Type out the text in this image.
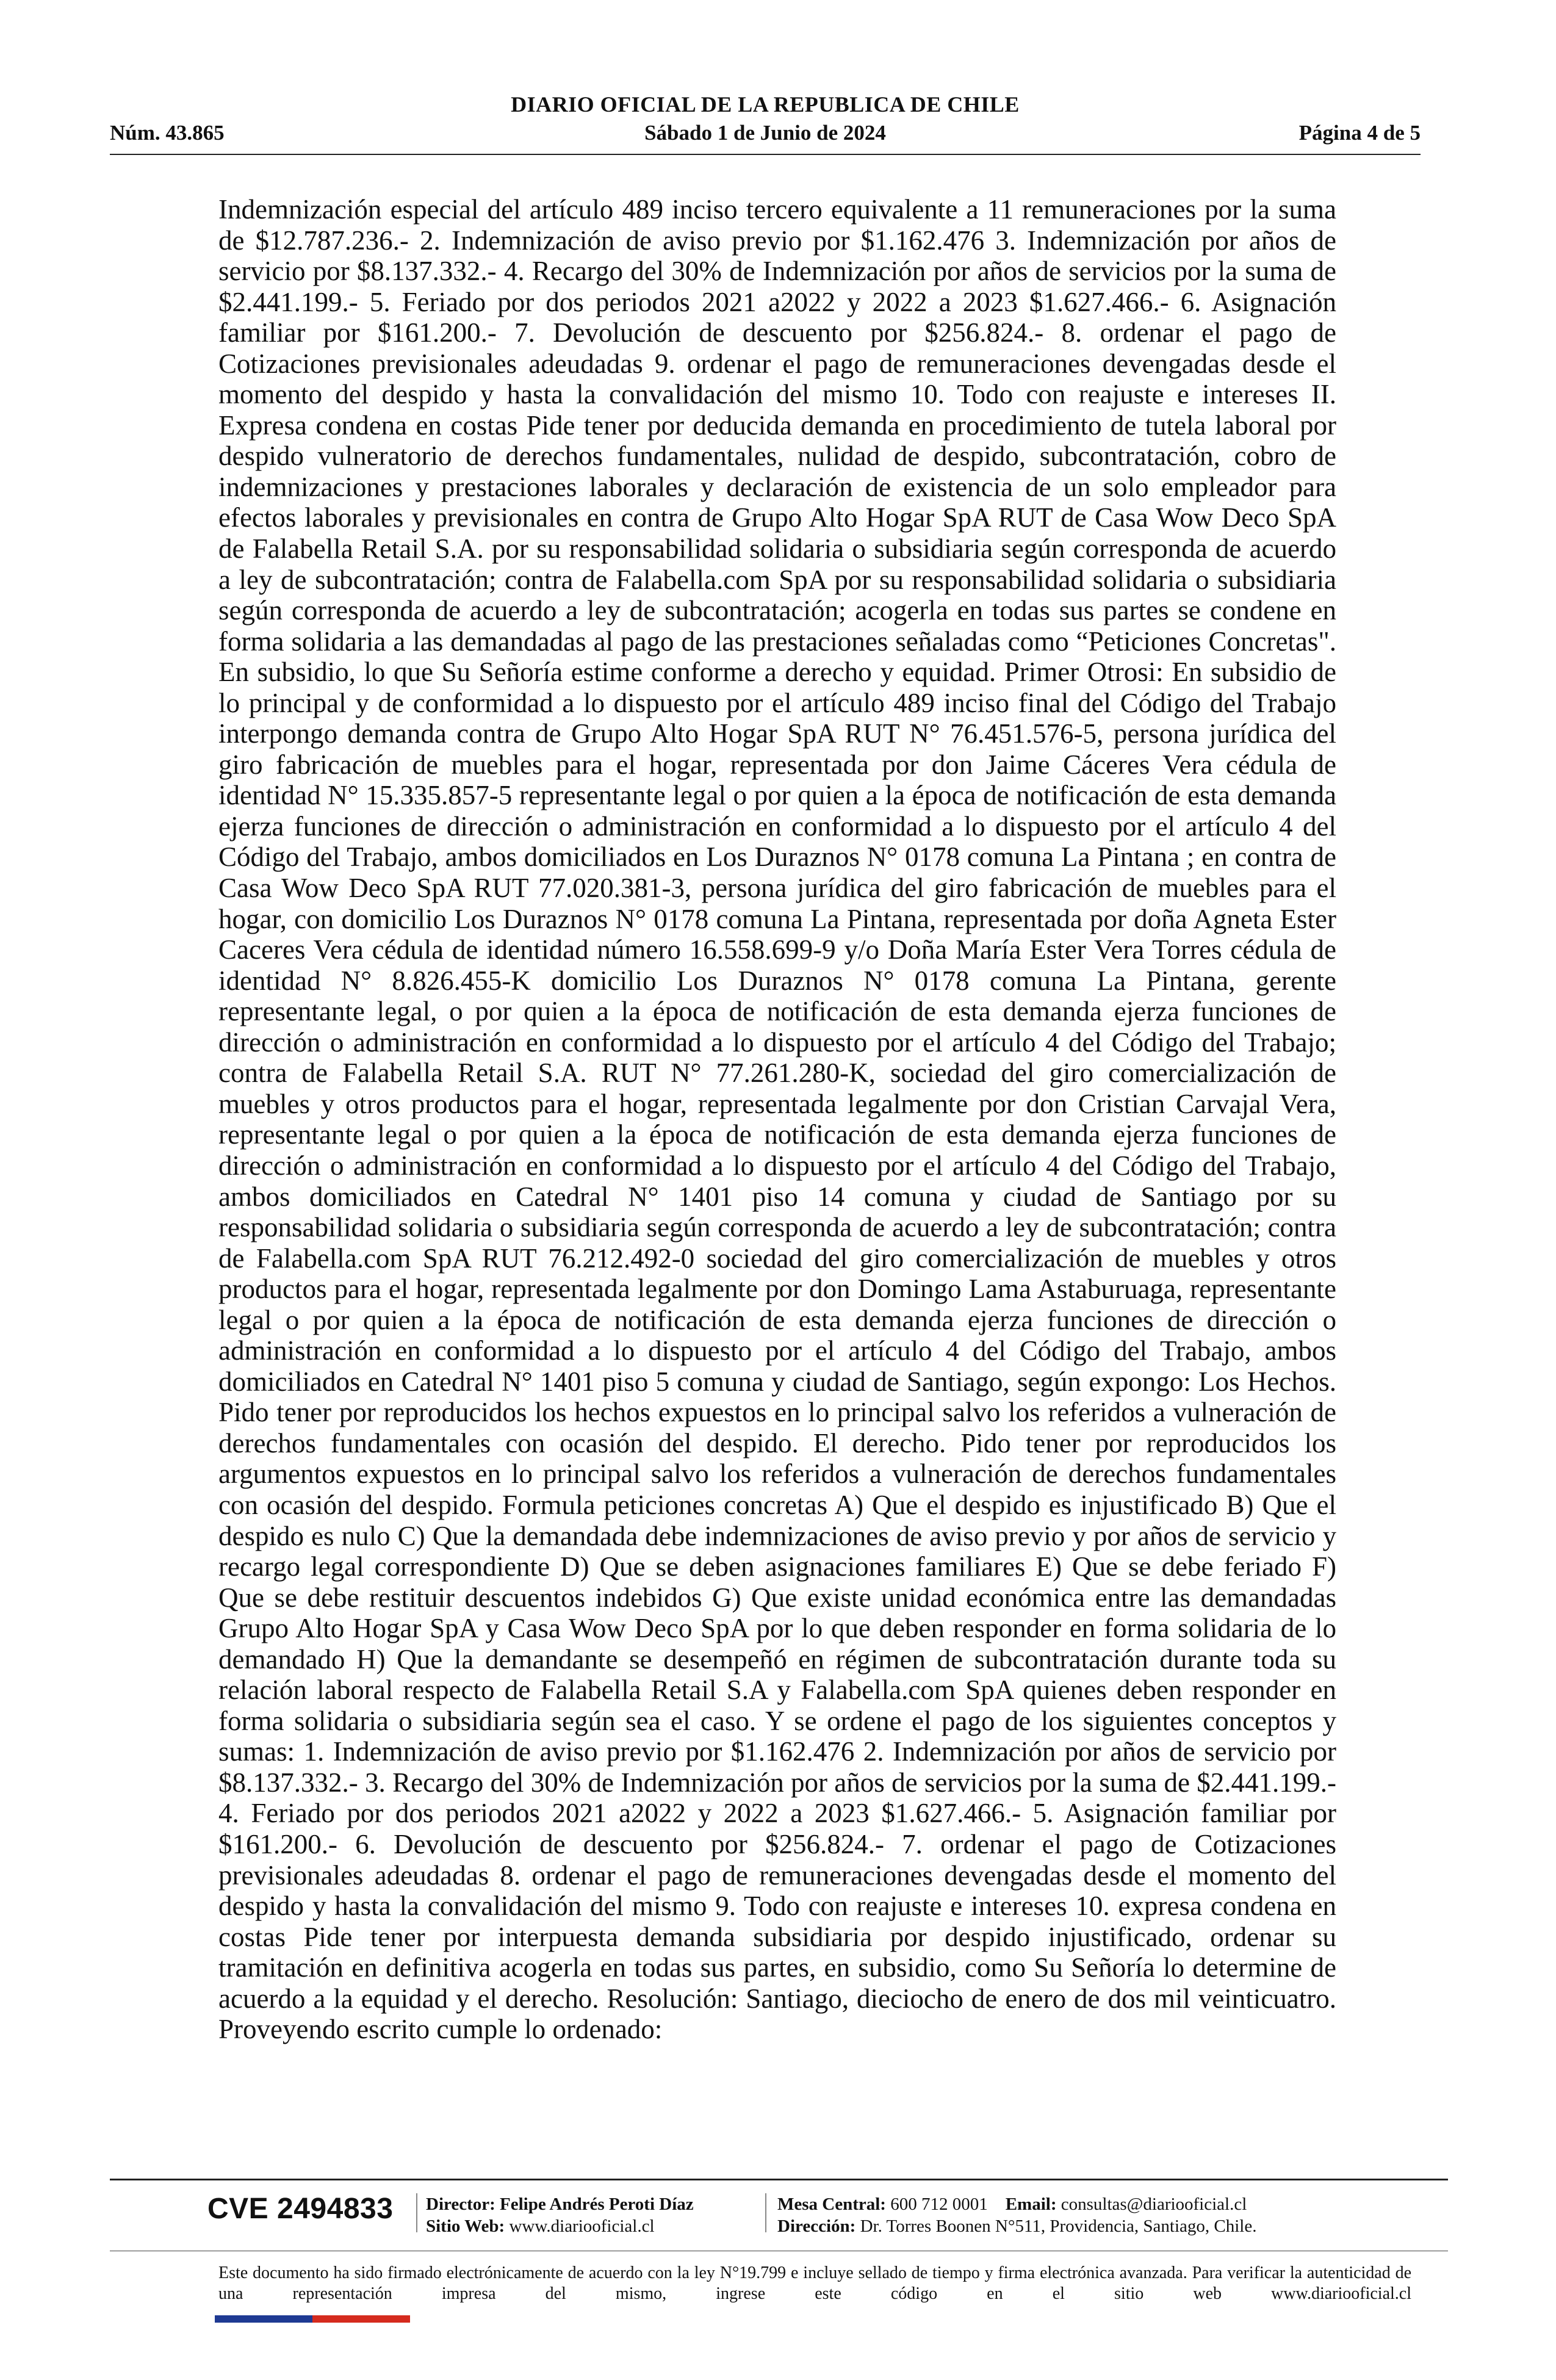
DIARIO OFICIAL DE LA REPUBLICA DE CHILE
Núm. 43.865	Sábado 1 de Junio de 2024	Página 4 de 5

Indemnización especial del artículo 489 inciso tercero equivalente a 11 remuneraciones por la suma de $12.787.236.- 2. Indemnización de aviso previo por $1.162.476 3. Indemnización por años de servicio por $8.137.332.- 4. Recargo del 30% de Indemnización por años de servicios por la suma de $2.441.199.- 5. Feriado por dos periodos 2021 a2022 y 2022 a 2023 $1.627.466.- 6. Asignación familiar por $161.200.- 7. Devolución de descuento por $256.824.- 8. ordenar el pago de Cotizaciones previsionales adeudadas 9. ordenar el pago de remuneraciones devengadas desde el momento del despido y hasta la convalidación del mismo 10. Todo con reajuste e intereses II. Expresa condena en costas Pide tener por deducida demanda en procedimiento de tutela laboral por despido vulneratorio de derechos fundamentales, nulidad de despido, subcontratación, cobro de indemnizaciones y prestaciones laborales y declaración de existencia de un solo empleador para efectos laborales y previsionales en contra de Grupo Alto Hogar SpA RUT de Casa Wow Deco SpA de Falabella Retail S.A. por su responsabilidad solidaria o subsidiaria según corresponda de acuerdo a ley de subcontratación; contra de Falabella.com SpA por su responsabilidad solidaria o subsidiaria según corresponda de acuerdo a ley de subcontratación; acogerla en todas sus partes se condene en forma solidaria a las demandadas al pago de las prestaciones señaladas como “Peticiones Concretas". En subsidio, lo que Su Señoría estime conforme a derecho y equidad. Primer Otrosi: En subsidio de lo principal y de conformidad a lo dispuesto por el artículo 489 inciso final del Código del Trabajo interpongo demanda contra de Grupo Alto Hogar SpA RUT N° 76.451.576-5, persona jurídica del giro fabricación de muebles para el hogar, representada por don Jaime Cáceres Vera cédula de identidad N° 15.335.857-5 representante legal o por quien a la época de notificación de esta demanda ejerza funciones de dirección o administración en conformidad a lo dispuesto por el artículo 4 del Código del Trabajo, ambos domiciliados en Los Duraznos N° 0178 comuna La Pintana ; en contra de Casa Wow Deco SpA RUT 77.020.381-3, persona jurídica del giro fabricación de muebles para el hogar, con domicilio Los Duraznos N° 0178 comuna La Pintana, representada por doña Agneta Ester Caceres Vera cédula de identidad número 16.558.699-9 y/o Doña María Ester Vera Torres cédula de identidad N° 8.826.455-K domicilio Los Duraznos N° 0178 comuna La Pintana, gerente representante legal, o por quien a la época de notificación de esta demanda ejerza funciones de dirección o administración en conformidad a lo dispuesto por el artículo 4 del Código del Trabajo; contra de Falabella Retail S.A. RUT N° 77.261.280-K, sociedad del giro comercialización de muebles y otros productos para el hogar, representada legalmente por don Cristian Carvajal Vera, representante legal o por quien a la época de notificación de esta demanda ejerza funciones de dirección o administración en conformidad a lo dispuesto por el artículo 4 del Código del Trabajo, ambos domiciliados en Catedral N° 1401 piso 14 comuna y ciudad de Santiago por su responsabilidad solidaria o subsidiaria según corresponda de acuerdo a ley de subcontratación; contra de Falabella.com SpA RUT 76.212.492-0 sociedad del giro comercialización de muebles y otros productos para el hogar, representada legalmente por don Domingo Lama Astaburuaga, representante legal o por quien a la época de notificación de esta demanda ejerza funciones de dirección o administración en conformidad a lo dispuesto por el artículo 4 del Código del Trabajo, ambos domiciliados en Catedral N° 1401 piso 5 comuna y ciudad de Santiago, según expongo: Los Hechos. Pido tener por reproducidos los hechos expuestos en lo principal salvo los referidos a vulneración de derechos fundamentales con ocasión del despido. El derecho. Pido tener por reproducidos los argumentos expuestos en lo principal salvo los referidos a vulneración de derechos fundamentales con ocasión del despido. Formula peticiones concretas A) Que el despido es injustificado B) Que el despido es nulo C) Que la demandada debe indemnizaciones de aviso previo y por años de servicio y recargo legal correspondiente D) Que se deben asignaciones familiares E) Que se debe feriado F) Que se debe restituir descuentos indebidos G) Que existe unidad económica entre las demandadas Grupo Alto Hogar SpA y Casa Wow Deco SpA por lo que deben responder en forma solidaria de lo demandado H) Que la demandante se desempeñó en régimen de subcontratación durante toda su relación laboral respecto de Falabella Retail S.A y Falabella.com SpA quienes deben responder en forma solidaria o subsidiaria según sea el caso. Y se ordene el pago de los siguientes conceptos y sumas: 1. Indemnización de aviso previo por $1.162.476 2. Indemnización por años de servicio por $8.137.332.- 3. Recargo del 30% de Indemnización por años de servicios por la suma de $2.441.199.- 4. Feriado por dos periodos 2021 a2022 y 2022 a 2023 $1.627.466.- 5. Asignación familiar por $161.200.- 6. Devolución de descuento por $256.824.- 7. ordenar el pago de Cotizaciones previsionales adeudadas 8. ordenar el pago de remuneraciones devengadas desde el momento del despido y hasta la convalidación del mismo 9. Todo con reajuste e intereses 10. expresa condena en costas Pide tener por interpuesta demanda subsidiaria por despido injustificado, ordenar su tramitación en definitiva acogerla en todas sus partes, en subsidio, como Su Señoría lo determine de acuerdo a la equidad y el derecho. Resolución: Santiago, dieciocho de enero de dos mil veinticuatro. Proveyendo escrito cumple lo ordenado:

CVE 2494833 Director: Felipe Andrés Peroti Díaz
Sitio Web: www.diariooficial.cl
Mesa Central: 600 712 0001 Email: consultas@diariooficial.cl
Dirección: Dr. Torres Boonen N°511, Providencia, Santiago, Chile.
Este documento ha sido firmado electrónicamente de acuerdo con la ley N°19.799 e incluye sellado de tiempo y firma electrónica avanzada. Para verificar la autenticidad de una representación impresa del mismo, ingrese este código en el sitio web www.diariooficial.cl
